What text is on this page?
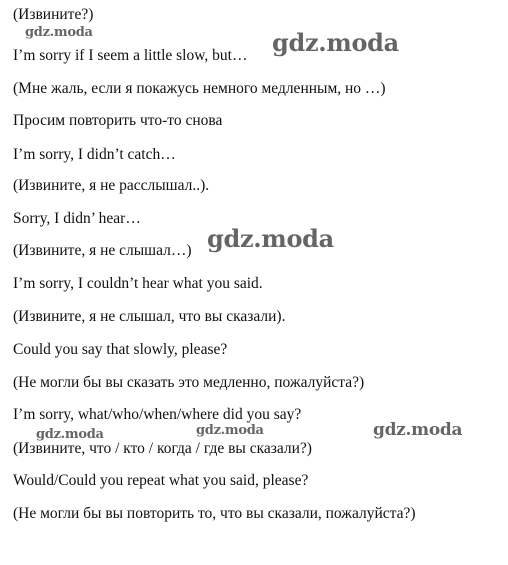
(Извините?)
I’m sorry if I seem a little slow, but…
(Мне жаль, если я покажусь немного медленным, но …)
Просим повторить что-то снова
I’m sorry, I didn’t catch…
(Извините, я не расслышал..).
Sorry, I didn’ hear…
(Извините, я не слышал…)
I’m sorry, I couldn’t hear what you said.
(Извините, я не слышал, что вы сказали).
Could you say that slowly, please?
(Не могли бы вы сказать это медленно, пожалуйста?)
I’m sorry, what/who/when/where did you say?
(Извините, что / кто / когда / где вы сказали?)
Would/Could you repeat what you said, please?
(Не могли бы вы повторить то, что вы сказали, пожалуйста?)
gdz.moda	gdz.moda
gdz.moda
gdz.moda	gdz.moda	gdz.moda
